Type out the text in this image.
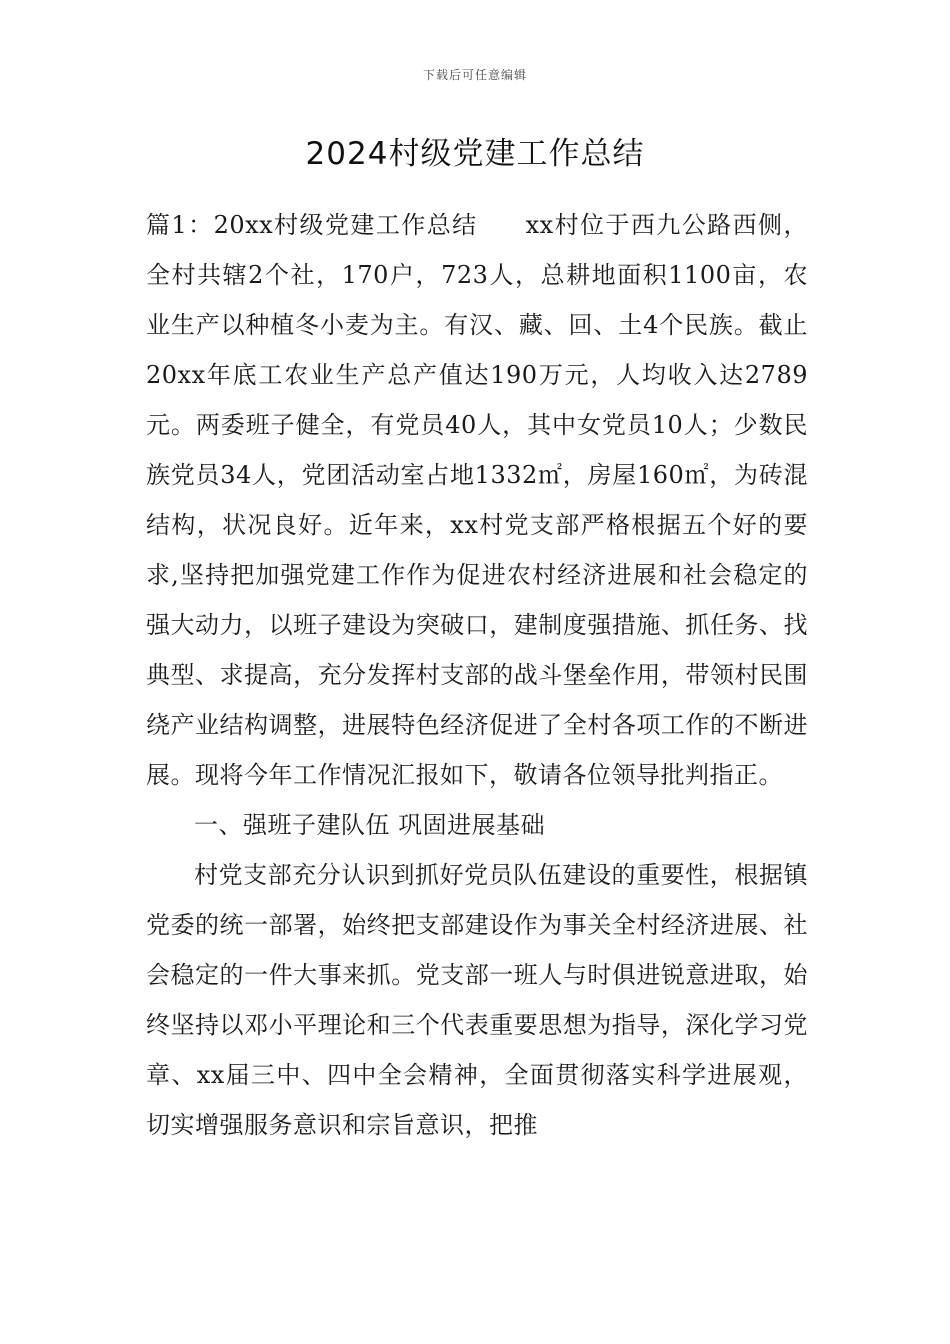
下载后可任意编辑
2024村级党建工作总结

篇1：20xx村级党建工作总结 xx村位于西九公路西侧，全村共辖2个社，170户，723人，总耕地面积1100亩，农业生产以种植冬小麦为主。有汉、藏、回、土4个民族。截止20xx年底工农业生产总产值达190万元，人均收入达2789元。两委班子健全，有党员40人，其中女党员10人；少数民族党员34人，党团活动室占地1332㎡，房屋160㎡，为砖混结构，状况良好。近年来，xx村党支部严格根据五个好的要求,坚持把加强党建工作作为促进农村经济进展和社会稳定的强大动力，以班子建设为突破口，建制度强措施、抓任务、找典型、求提高，充分发挥村支部的战斗堡垒作用，带领村民围绕产业结构调整，进展特色经济促进了全村各项工作的不断进展。现将今年工作情况汇报如下，敬请各位领导批判指正。

一、强班子建队伍 巩固进展基础

村党支部充分认识到抓好党员队伍建设的重要性，根据镇党委的统一部署，始终把支部建设作为事关全村经济进展、社会稳定的一件大事来抓。党支部一班人与时俱进锐意进取，始终坚持以邓小平理论和三个代表重要思想为指导，深化学习党章、xx届三中、四中全会精神，全面贯彻落实科学进展观，切实增强服务意识和宗旨意识，把推
